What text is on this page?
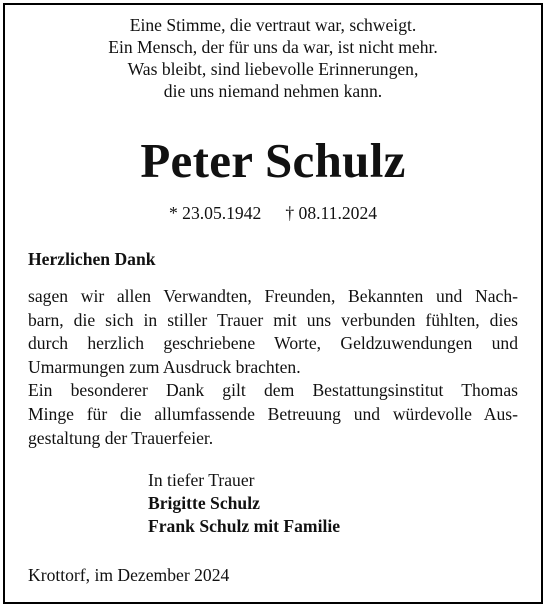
Eine Stimme, die vertraut war, schweigt.
Ein Mensch, der für uns da war, ist nicht mehr.
Was bleibt, sind liebevolle Erinnerungen,
die uns niemand nehmen kann.
Peter Schulz
* 23.05.1942 † 08.11.2024
Herzlichen Dank
sagen wir allen Verwandten, Freunden, Bekannten und Nach-
barn, die sich in stiller Trauer mit uns verbunden fühlten, dies
durch herzlich geschriebene Worte, Geldzuwendungen und
Umarmungen zum Ausdruck brachten.
Ein besonderer Dank gilt dem Bestattungsinstitut Thomas
Minge für die allumfassende Betreuung und würdevolle Aus-
gestaltung der Trauerfeier.
In tiefer Trauer
Brigitte Schulz
Frank Schulz mit Familie
Krottorf, im Dezember 2024
